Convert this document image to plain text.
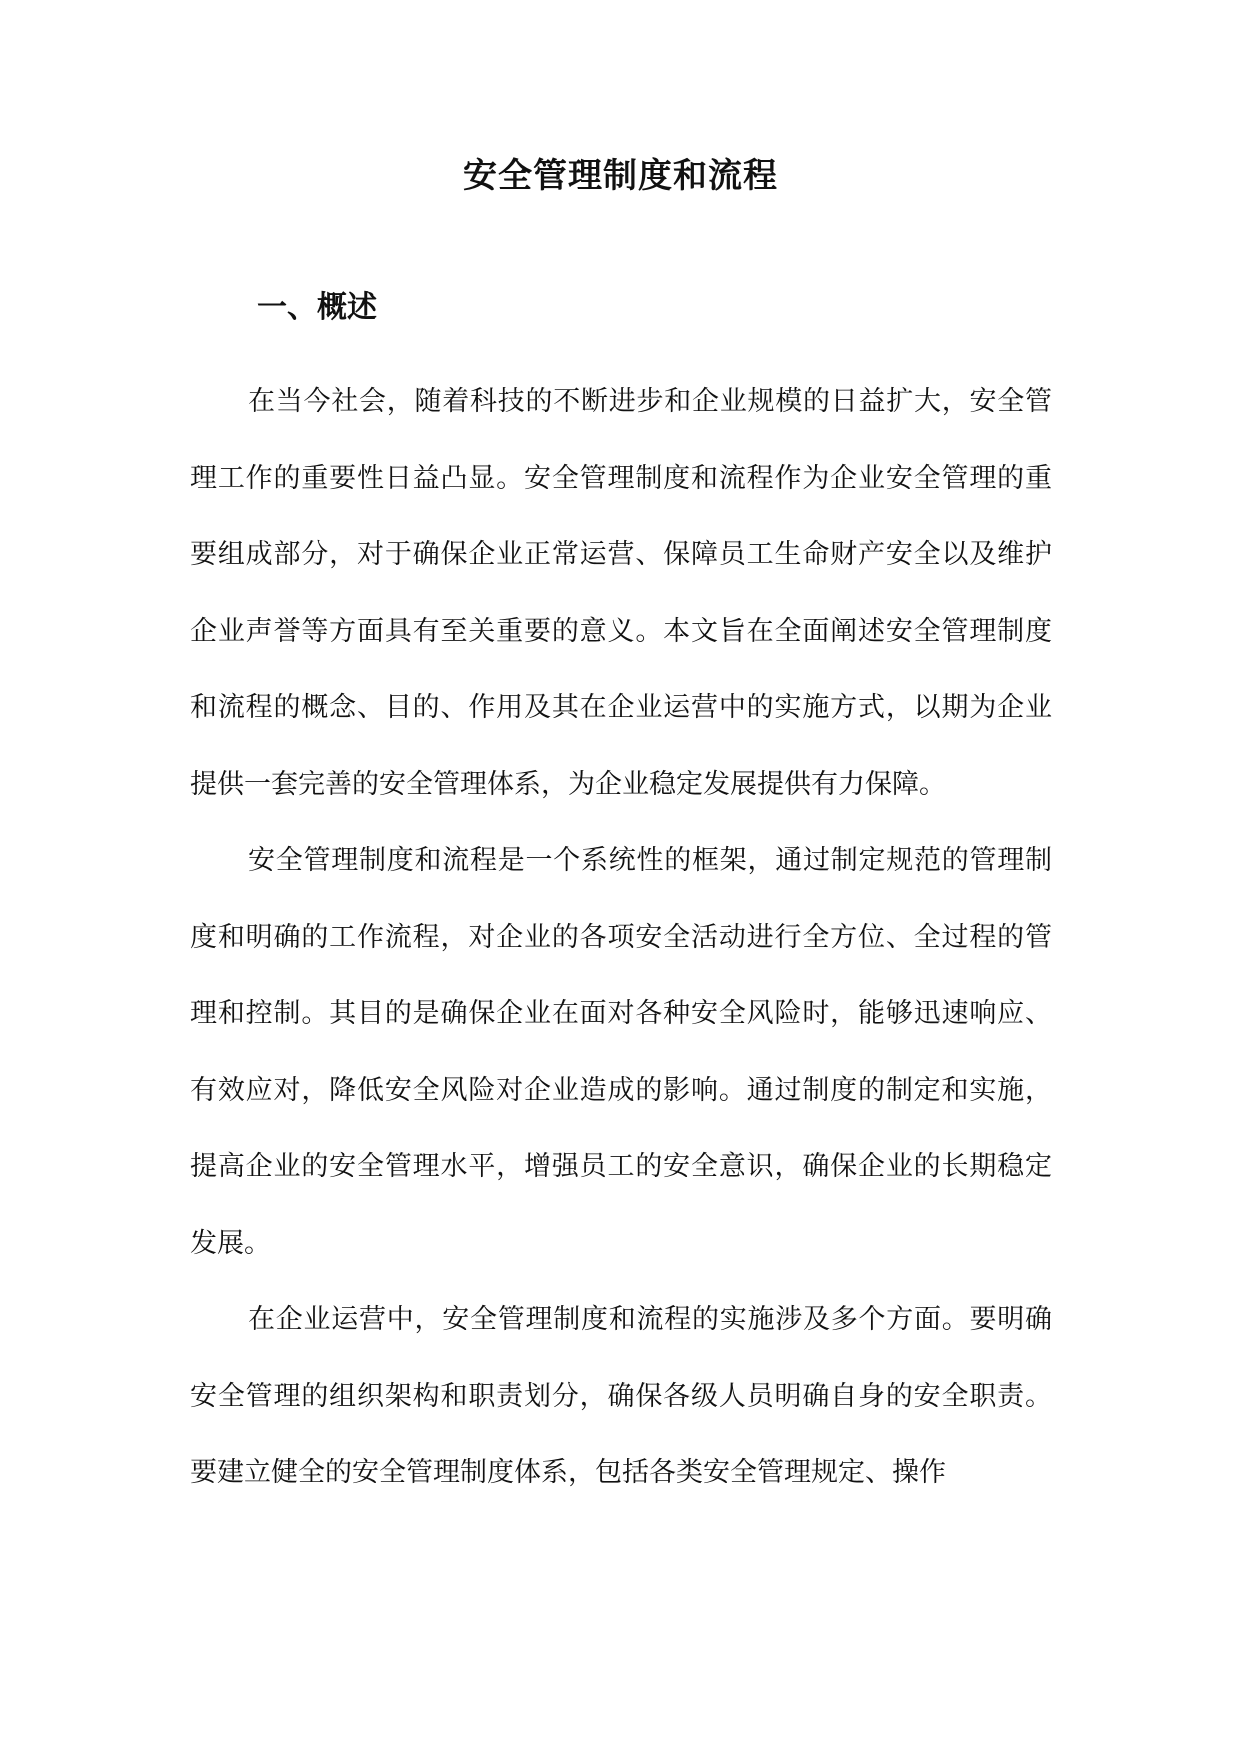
安全管理制度和流程
一、概述

在当今社会，随着科技的不断进步和企业规模的日益扩大，安全管理工作的重要性日益凸显。安全管理制度和流程作为企业安全管理的重要组成部分，对于确保企业正常运营、保障员工生命财产安全以及维护企业声誉等方面具有至关重要的意义。本文旨在全面阐述安全管理制度和流程的概念、目的、作用及其在企业运营中的实施方式，以期为企业提供一套完善的安全管理体系，为企业稳定发展提供有力保障。

安全管理制度和流程是一个系统性的框架，通过制定规范的管理制度和明确的工作流程，对企业的各项安全活动进行全方位、全过程的管理和控制。其目的是确保企业在面对各种安全风险时，能够迅速响应、有效应对，降低安全风险对企业造成的影响。通过制度的制定和实施，提高企业的安全管理水平，增强员工的安全意识，确保企业的长期稳定发展。

在企业运营中，安全管理制度和流程的实施涉及多个方面。要明确安全管理的组织架构和职责划分，确保各级人员明确自身的安全职责。要建立健全的安全管理制度体系，包括各类安全管理规定、操作
